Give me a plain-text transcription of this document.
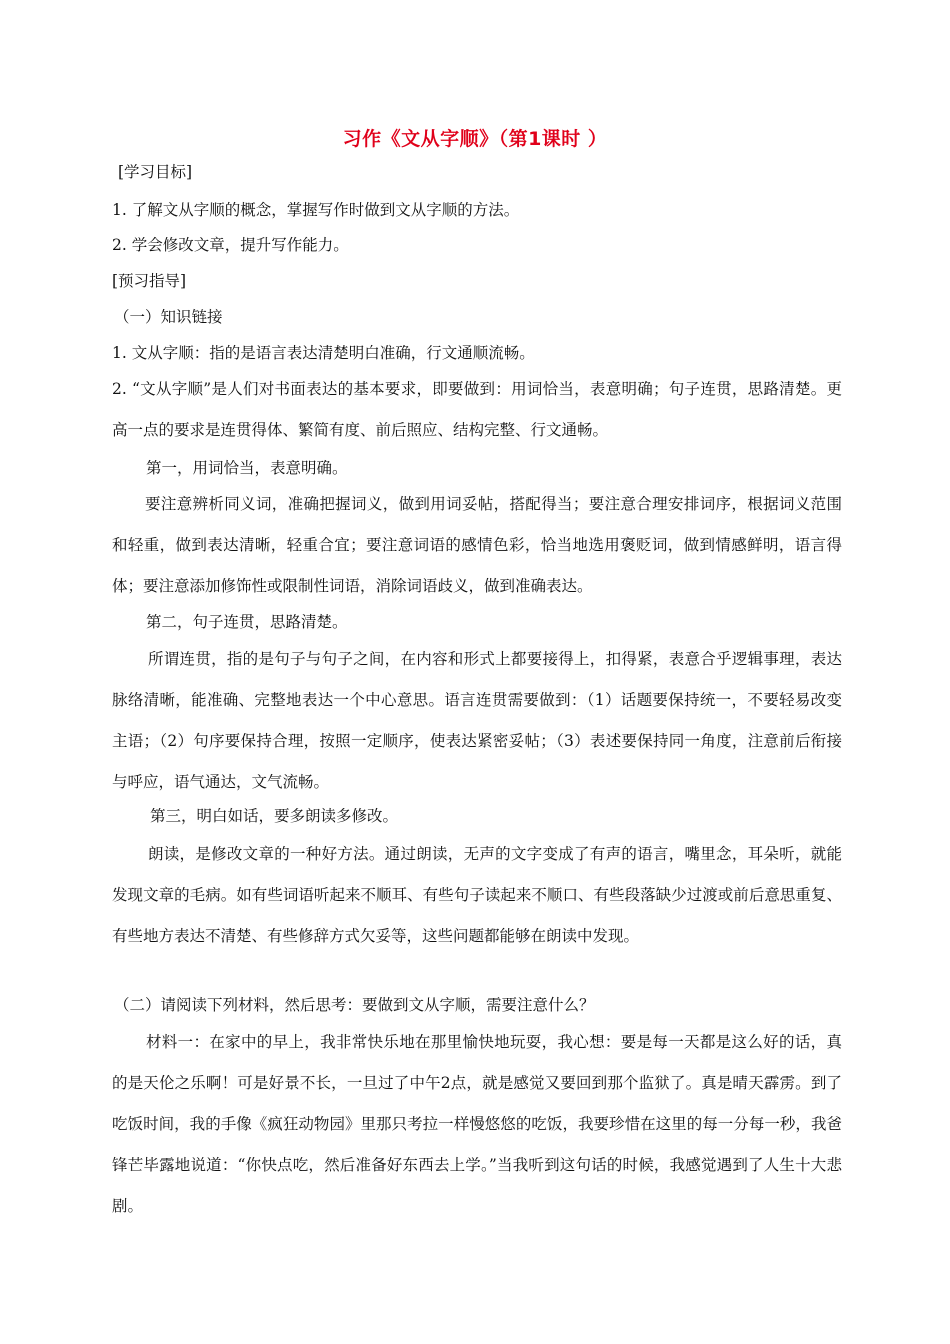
习作《文从字顺》（第1课时 ）
[学习目标]
1. 了解文从字顺的概念，掌握写作时做到文从字顺的方法。
2. 学会修改文章，提升写作能力。
[预习指导]
（一）知识链接
1. 文从字顺：指的是语言表达清楚明白准确，行文通顺流畅。
2. “文从字顺”是人们对书面表达的基本要求，即要做到：用词恰当，表意明确；句子连贯，思路清楚。更高一点的要求是连贯得体、繁简有度、前后照应、结构完整、行文通畅。
第一，用词恰当，表意明确。
要注意辨析同义词，准确把握词义，做到用词妥帖，搭配得当；要注意合理安排词序，根据词义范围和轻重，做到表达清晰，轻重合宜；要注意词语的感情色彩，恰当地选用褒贬词，做到情感鲜明，语言得体；要注意添加修饰性或限制性词语，消除词语歧义，做到准确表达。
第二，句子连贯，思路清楚。
所谓连贯，指的是句子与句子之间，在内容和形式上都要接得上，扣得紧，表意合乎逻辑事理，表达脉络清晰，能准确、完整地表达一个中心意思。语言连贯需要做到：（1）话题要保持统一，不要轻易改变主语；（2）句序要保持合理，按照一定顺序，使表达紧密妥帖；（3）表述要保持同一角度，注意前后衔接与呼应，语气通达，文气流畅。
第三，明白如话，要多朗读多修改。
朗读，是修改文章的一种好方法。通过朗读，无声的文字变成了有声的语言，嘴里念，耳朵听，就能发现文章的毛病。如有些词语听起来不顺耳、有些句子读起来不顺口、有些段落缺少过渡或前后意思重复、有些地方表达不清楚、有些修辞方式欠妥等，这些问题都能够在朗读中发现。
（二）请阅读下列材料，然后思考：要做到文从字顺，需要注意什么？
材料一：在家中的早上，我非常快乐地在那里愉快地玩耍，我心想：要是每一天都是这么好的话，真的是天伦之乐啊！可是好景不长，一旦过了中午2点，就是感觉又要回到那个监狱了。真是晴天霹雳。到了吃饭时间，我的手像《疯狂动物园》里那只考拉一样慢悠悠的吃饭，我要珍惜在这里的每一分每一秒，我爸锋芒毕露地说道：“你快点吃，然后准备好东西去上学。”当我听到这句话的时候，我感觉遇到了人生十大悲剧。
